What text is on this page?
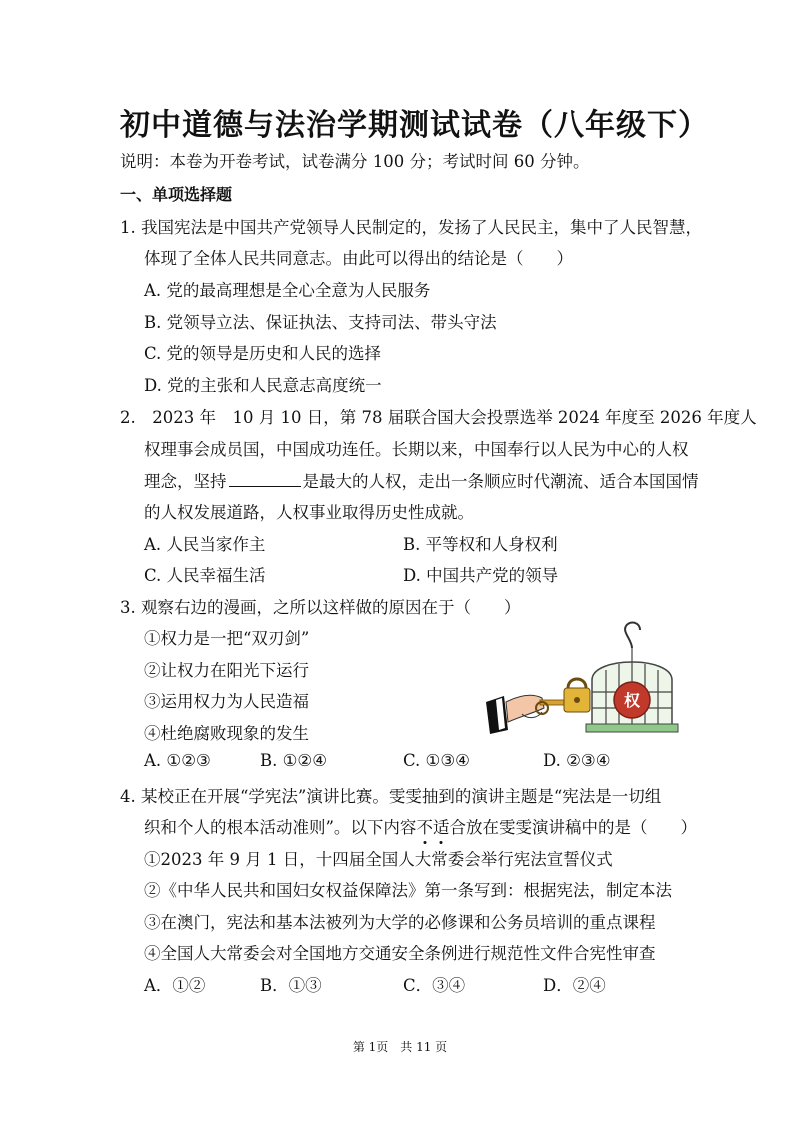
初中道德与法治学期测试试卷（八年级下）
说明：本卷为开卷考试，试卷满分 100 分；考试时间 60 分钟。
一、单项选择题
1. 我国宪法是中国共产党领导人民制定的，发扬了人民民主，集中了人民智慧，
体现了全体人民共同意志。由此可以得出的结论是（　　）
A. 党的最高理想是全心全意为人民服务
B. 党领导立法、保证执法、支持司法、带头守法
C. 党的领导是历史和人民的选择
D. 党的主张和人民意志高度统一
2.　2023 年　10 月 10 日，第 78 届联合国大会投票选举 2024 年度至 2026 年度人
权理事会成员国，中国成功连任。长期以来，中国奉行以人民为中心的人权
理念，坚持	是最大的人权，走出一条顺应时代潮流、适合本国国情
的人权发展道路，人权事业取得历史性成就。
A. 人民当家作主	B. 平等权和人身权利
C. 人民幸福生活	D. 中国共产党的领导
3. 观察右边的漫画，之所以这样做的原因在于（　　）
①权力是一把“双刃剑”
②让权力在阳光下运行
③运用权力为人民造福
④杜绝腐败现象的发生
A. ①②③	B. ①②④	C. ①③④	D. ②③④
权
4. 某校正在开展“学宪法”演讲比赛。雯雯抽到的演讲主题是“宪法是一切组
织和个人的根本活动准则”。以下内容不适合放在雯雯演讲稿中的是（　　）
①2023 年 9 月 1 日，十四届全国人大常委会举行宪法宣誓仪式
②《中华人民共和国妇女权益保障法》第一条写到：根据宪法，制定本法
③在澳门，宪法和基本法被列为大学的必修课和公务员培训的重点课程
④全国人大常委会对全国地方交通安全条例进行规范性文件合宪性审查
A．①②	B．①③	C．③④	D．②④
第 1页　共 11 页
